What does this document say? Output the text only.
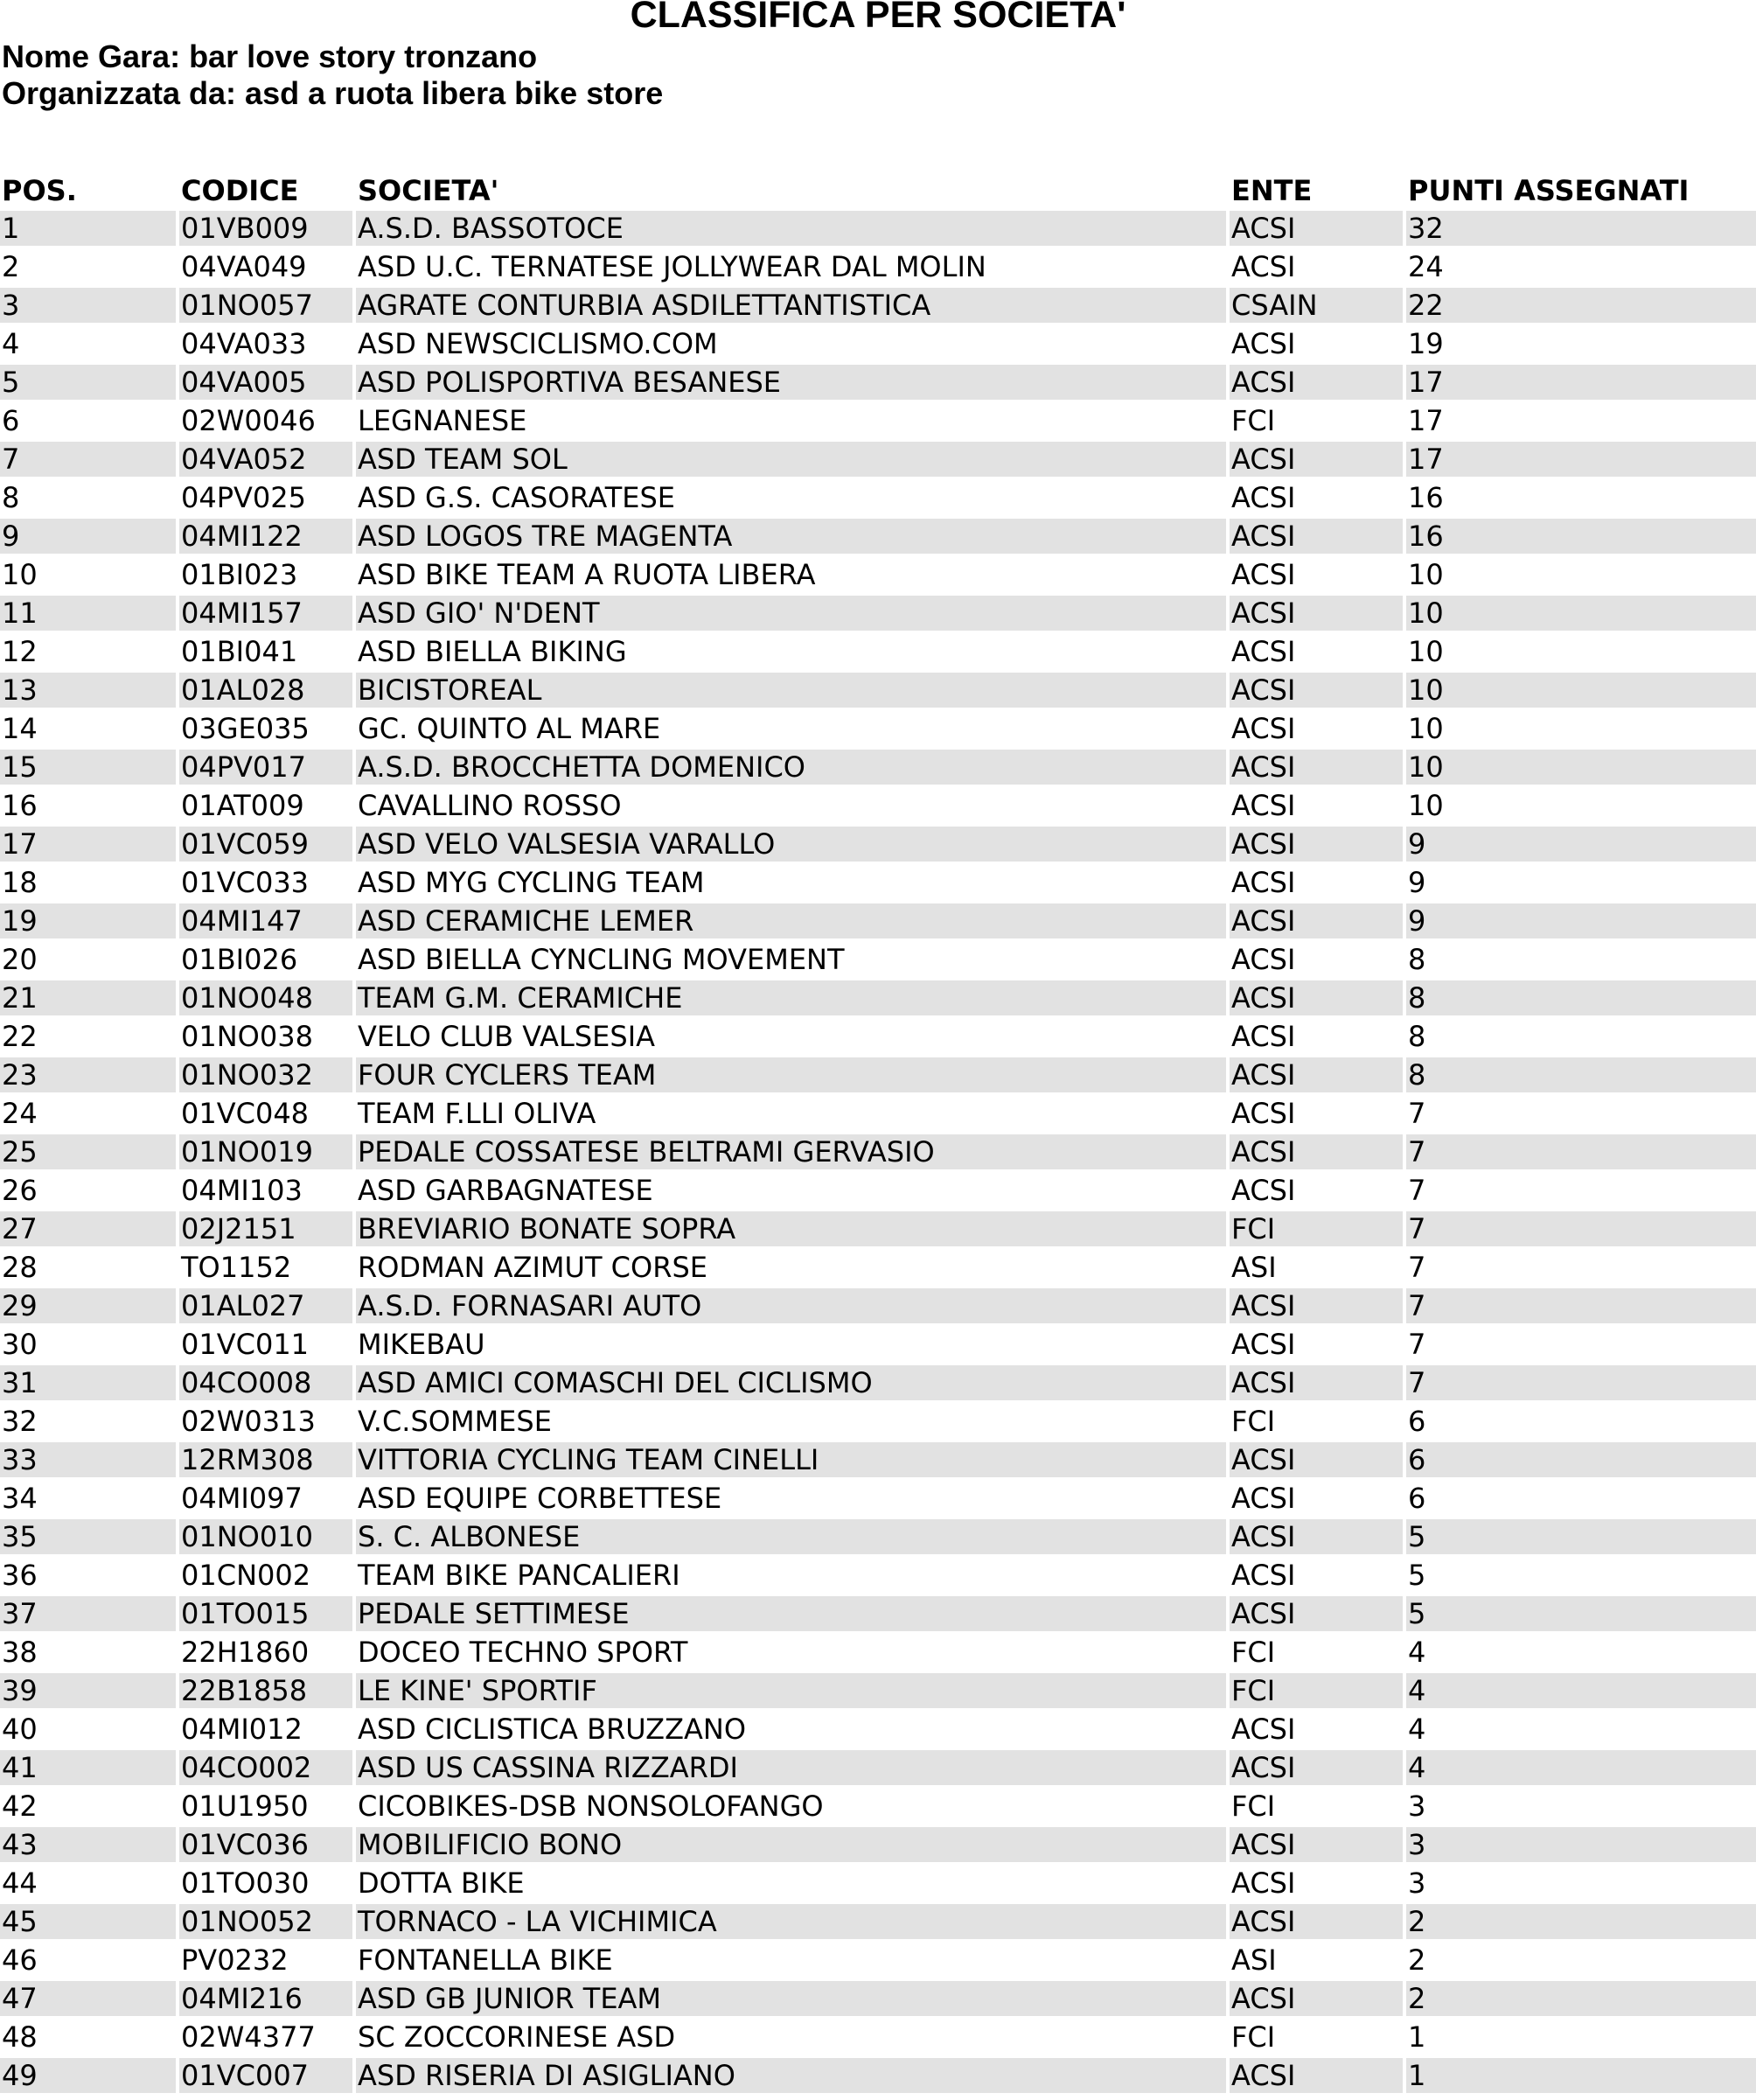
CLASSIFICA PER SOCIETA'

Nome Gara: bar love story tronzano

Organizzata da: asd a ruota libera bike store

POS.	CODICE	SOCIETA'	ENTE	PUNTI ASSEGNATI
1	01VB009	A.S.D. BASSOTOCE	ACSI	32
2	04VA049	ASD U.C. TERNATESE JOLLYWEAR DAL MOLIN	ACSI	24
3	01NO057	AGRATE CONTURBIA ASDILETTANTISTICA	CSAIN	22
4	04VA033	ASD NEWSCICLISMO.COM	ACSI	19
5	04VA005	ASD POLISPORTIVA BESANESE	ACSI	17
6	02W0046	LEGNANESE	FCI	17
7	04VA052	ASD TEAM SOL	ACSI	17
8	04PV025	ASD G.S. CASORATESE	ACSI	16
9	04MI122	ASD LOGOS TRE MAGENTA	ACSI	16
10	01BI023	ASD BIKE TEAM A RUOTA LIBERA	ACSI	10
11	04MI157	ASD GIO' N'DENT	ACSI	10
12	01BI041	ASD BIELLA BIKING	ACSI	10
13	01AL028	BICISTOREAL	ACSI	10
14	03GE035	GC. QUINTO AL MARE	ACSI	10
15	04PV017	A.S.D. BROCCHETTA DOMENICO	ACSI	10
16	01AT009	CAVALLINO ROSSO	ACSI	10
17	01VC059	ASD VELO VALSESIA VARALLO	ACSI	9
18	01VC033	ASD MYG CYCLING TEAM	ACSI	9
19	04MI147	ASD CERAMICHE LEMER	ACSI	9
20	01BI026	ASD BIELLA CYNCLING MOVEMENT	ACSI	8
21	01NO048	TEAM G.M. CERAMICHE	ACSI	8
22	01NO038	VELO CLUB VALSESIA	ACSI	8
23	01NO032	FOUR CYCLERS TEAM	ACSI	8
24	01VC048	TEAM F.LLI OLIVA	ACSI	7
25	01NO019	PEDALE COSSATESE BELTRAMI GERVASIO	ACSI	7
26	04MI103	ASD GARBAGNATESE	ACSI	7
27	02J2151	BREVIARIO BONATE SOPRA	FCI	7
28	TO1152	RODMAN AZIMUT CORSE	ASI	7
29	01AL027	A.S.D. FORNASARI AUTO	ACSI	7
30	01VC011	MIKEBAU	ACSI	7
31	04CO008	ASD AMICI COMASCHI DEL CICLISMO	ACSI	7
32	02W0313	V.C.SOMMESE	FCI	6
33	12RM308	VITTORIA CYCLING TEAM CINELLI	ACSI	6
34	04MI097	ASD EQUIPE CORBETTESE	ACSI	6
35	01NO010	S. C. ALBONESE	ACSI	5
36	01CN002	TEAM BIKE PANCALIERI	ACSI	5
37	01TO015	PEDALE SETTIMESE	ACSI	5
38	22H1860	DOCEO TECHNO SPORT	FCI	4
39	22B1858	LE KINE' SPORTIF	FCI	4
40	04MI012	ASD CICLISTICA BRUZZANO	ACSI	4
41	04CO002	ASD US CASSINA RIZZARDI	ACSI	4
42	01U1950	CICOBIKES-DSB NONSOLOFANGO	FCI	3
43	01VC036	MOBILIFICIO BONO	ACSI	3
44	01TO030	DOTTA BIKE	ACSI	3
45	01NO052	TORNACO - LA VICHIMICA	ACSI	2
46	PV0232	FONTANELLA BIKE	ASI	2
47	04MI216	ASD GB JUNIOR TEAM	ACSI	2
48	02W4377	SC ZOCCORINESE ASD	FCI	1
49	01VC007	ASD RISERIA DI ASIGLIANO	ACSI	1
